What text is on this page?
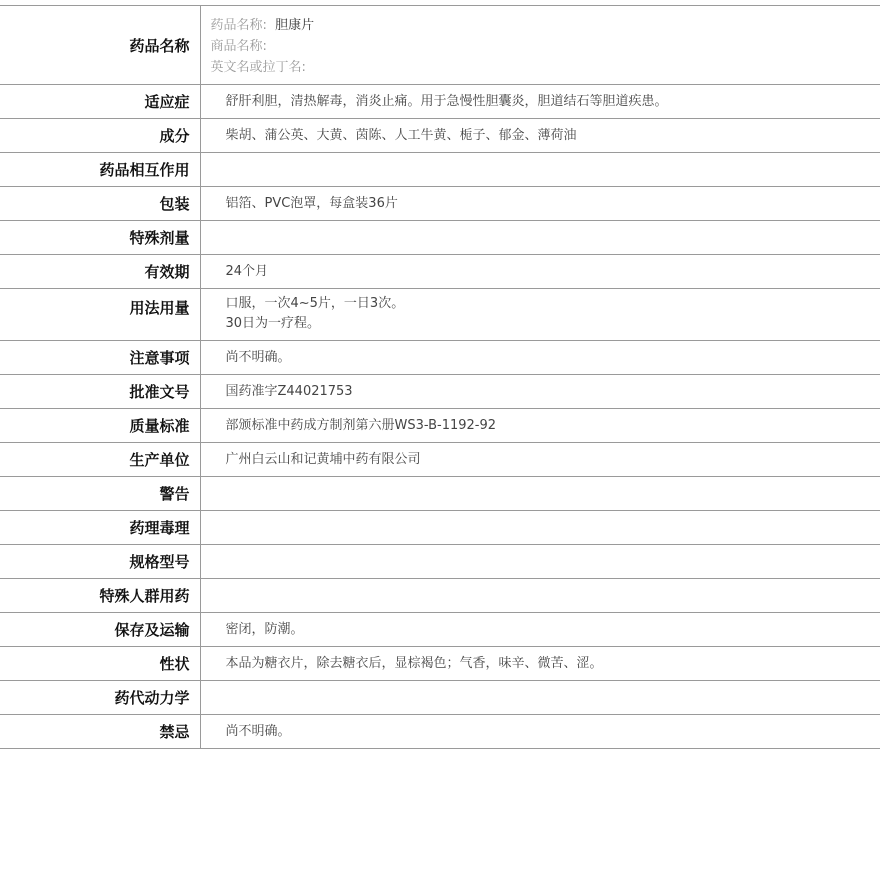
药品名称	药品名称: 胆康片
商品名称:
英文名或拉丁名:

适应症	舒肝利胆，清热解毒，消炎止痛。用于急慢性胆囊炎，胆道结石等胆道疾患。
成分	柴胡、蒲公英、大黄、茵陈、人工牛黄、栀子、郁金、薄荷油
药品相互作用	
包装	铝箔、PVC泡罩，每盒装36片
特殊剂量	
有效期	24个月
用法用量	口服，一次4~5片，一日3次。
30日为一疗程。

注意事项	尚不明确。
批准文号	国药准字Z44021753
质量标准	部颁标准中药成方制剂第六册WS3-B-1192-92
生产单位	广州白云山和记黄埔中药有限公司
警告	
药理毒理	
规格型号	
特殊人群用药	
保存及运输	密闭，防潮。
性状	本品为糖衣片，除去糖衣后，显棕褐色；气香，味辛、微苦、涩。
药代动力学	
禁忌	尚不明确。
